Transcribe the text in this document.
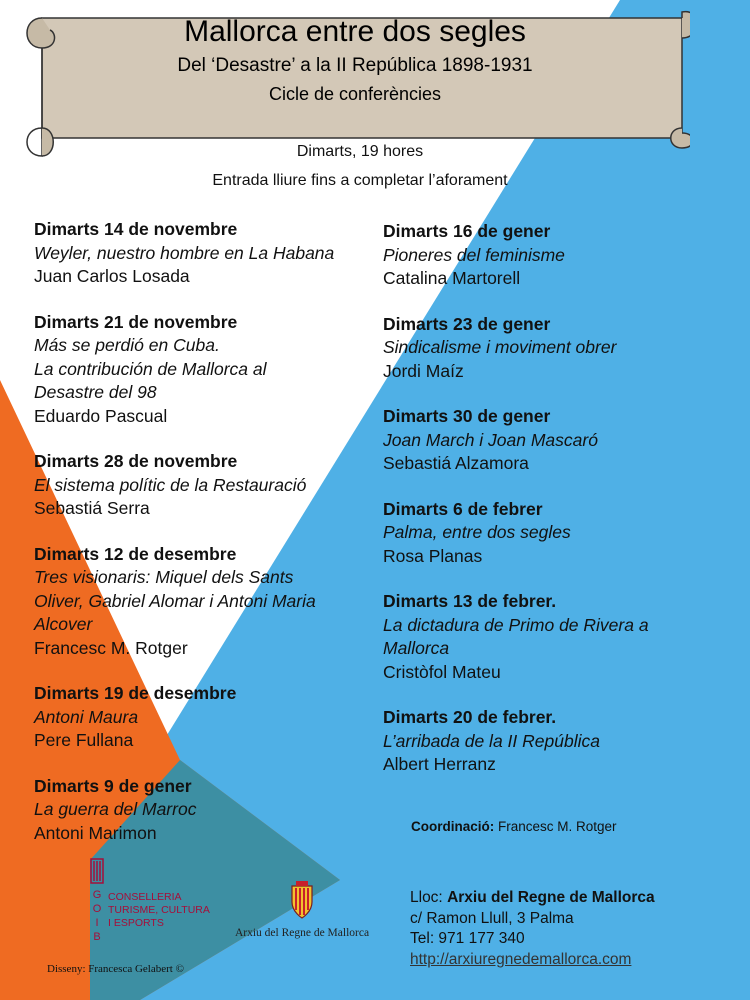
Mallorca entre dos segles
Del ‘Desastre’ a la II República 1898-1931
Cicle de conferències
Dimarts, 19 hores
Entrada lliure fins a completar l’aforament
Dimarts 14 de novembre
Weyler, nuestro hombre en La Habana
Juan Carlos Losada
Dimarts 21 de novembre
Más se perdió en Cuba.
La contribución de Mallorca al
Desastre del 98
Eduardo Pascual
Dimarts 28 de novembre
El sistema polític de la Restauració
Sebastiá Serra
Dimarts 12 de desembre
Tres visionaris: Miquel dels Sants
Oliver, Gabriel Alomar i Antoni Maria
Alcover
Francesc M. Rotger
Dimarts 19 de desembre
Antoni Maura
Pere Fullana
Dimarts 9 de gener
La guerra del Marroc
Antoni Marimon
Dimarts 16 de gener
Pioneres del feminisme
Catalina Martorell
Dimarts 23 de gener
Sindicalisme i moviment obrer
Jordi Maíz
Dimarts 30 de gener
Joan March i Joan Mascaró
Sebastiá Alzamora
Dimarts 6 de febrer
Palma, entre dos segles
Rosa Planas
Dimarts 13 de febrer.
La dictadura de Primo de Rivera a
Mallorca
Cristòfol Mateu
Dimarts 20 de febrer.
L’arribada de la II República
Albert Herranz
Coordinació: Francesc M. Rotger
Lloc: Arxiu del Regne de Mallorca
c/ Ramon Llull, 3 Palma
Tel: 971 177 340
http://arxiuregnedemallorca.com
G
O
I
B
CONSELLERIA
TURISME, CULTURA
I ESPORTS
Arxiu del Regne de Mallorca
Disseny: Francesca Gelabert ©
